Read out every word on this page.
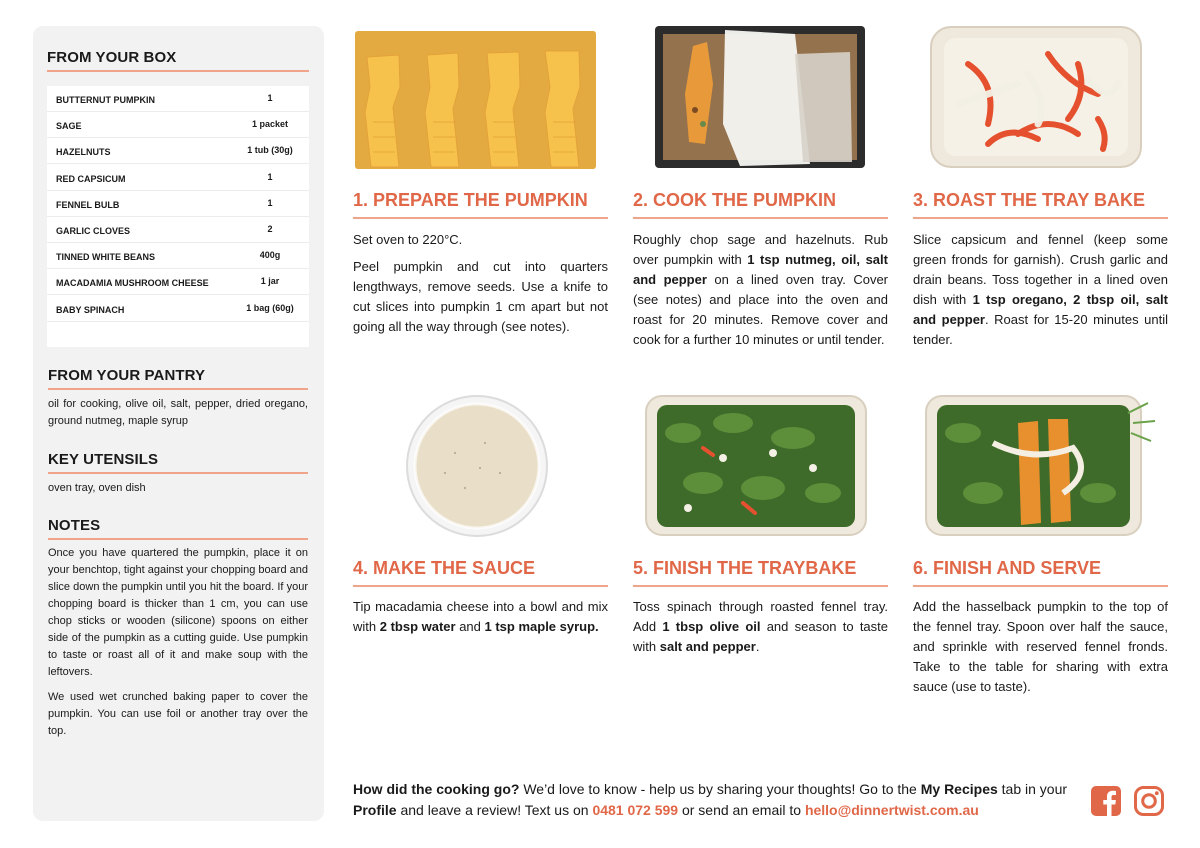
FROM YOUR BOX
BUTTERNUT PUMPKIN	1
SAGE	1 packet
HAZELNUTS	1 tub (30g)
RED CAPSICUM	1
FENNEL BULB	1
GARLIC CLOVES	2
TINNED WHITE BEANS	400g
MACADAMIA MUSHROOM CHEESE	1 jar
BABY SPINACH	1 bag (60g)
FROM YOUR PANTRY
oil for cooking, olive oil, salt, pepper, dried oregano, ground nutmeg, maple syrup
KEY UTENSILS
oven tray, oven dish
NOTES
Once you have quartered the pumpkin, place it on your benchtop, tight against your chopping board and slice down the pumpkin until you hit the board. If your chopping board is thicker than 1 cm, you can use chop sticks or wooden (silicone) spoons on either side of the pumpkin as a cutting guide. Use pumpkin to taste or roast all of it and make soup with the leftovers.
We used wet crunched baking paper to cover the pumpkin. You can use foil or another tray over the top.
1. PREPARE THE PUMPKIN

Set oven to 220°C.

Peel pumpkin and cut into quarters lengthways, remove seeds. Use a knife to cut slices into pumpkin 1 cm apart but not going all the way through (see notes).

2. COOK THE PUMPKIN

Roughly chop sage and hazelnuts. Rub over pumpkin with 1 tsp nutmeg, oil, salt and pepper on a lined oven tray. Cover (see notes) and place into the oven and roast for 20 minutes. Remove cover and cook for a further 10 minutes or until tender.

3. ROAST THE TRAY BAKE

Slice capsicum and fennel (keep some green fronds for garnish). Crush garlic and drain beans. Toss together in a lined oven dish with 1 tsp oregano, 2 tbsp oil, salt and pepper. Roast for 15-20 minutes until tender.

4. MAKE THE SAUCE

Tip macadamia cheese into a bowl and mix with 2 tbsp water and 1 tsp maple syrup.

5. FINISH THE TRAYBAKE

Toss spinach through roasted fennel tray. Add 1 tbsp olive oil and season to taste with salt and pepper.

6. FINISH AND SERVE

Add the hasselback pumpkin to the top of the fennel tray. Spoon over half the sauce, and sprinkle with reserved fennel fronds. Take to the table for sharing with extra sauce (use to taste).

How did the cooking go? We’d love to know - help us by sharing your thoughts! Go to the My Recipes tab in your Profile and leave a review! Text us on 0481 072 599 or send an email to hello@dinnertwist.com.au
